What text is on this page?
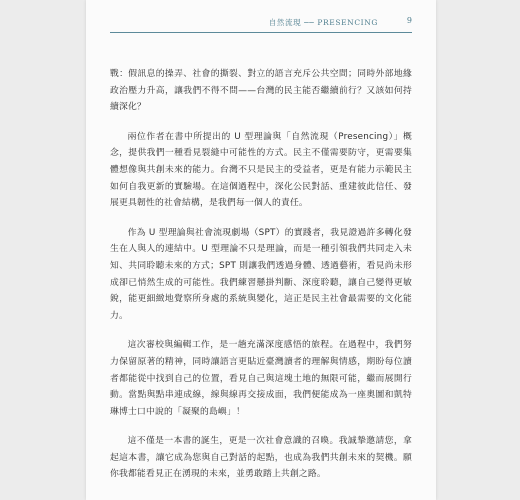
自然流現 ── PRESENCING	9

戰：假訊息的操弄、社會的撕裂、對立的語言充斥公共空間；同時外部地緣政治壓力升高，讓我們不得不問——台灣的民主能否繼續前行？又該如何持續深化？

兩位作者在書中所提出的 U 型理論與「自然流現（Presencing）」概念，提供我們一種看見裂縫中可能性的方式。民主不僅需要防守，更需要集體想像與共創未來的能力。台灣不只是民主的受益者，更是有能力示範民主如何自我更新的實驗場。在這個過程中，深化公民對話、重建彼此信任、發展更具韌性的社會結構，是我們每一個人的責任。

作為 U 型理論與社會流現劇場（SPT）的實踐者，我見證過許多轉化發生在人與人的連結中。U 型理論不只是理論，而是一種引領我們共同走入未知、共同聆聽未來的方式；SPT 則讓我們透過身體、透過藝術，看見尚未形成卻已悄然生成的可能性。我們練習懸掛判斷、深度聆聽，讓自己變得更敏銳，能更細緻地覺察所身處的系統與變化，這正是民主社會最需要的文化能力。

這次審校與編輯工作，是一趟充滿深度感悟的旅程。在過程中，我們努力保留原著的精神，同時讓語言更貼近臺灣讀者的理解與情感，期盼每位讀者都能從中找到自己的位置，看見自己與這塊土地的無限可能，繼而展開行動。當點與點串連成線，線與線再交接成面，我們便能成為一座奧圖和凱特琳博士口中說的「凝聚的島嶼」！

這不僅是一本書的誕生，更是一次社會意識的召喚。我誠摯邀請您，拿起這本書，讓它成為您與自己對話的起點，也成為我們共創未來的契機。願你我都能看見正在湧現的未來，並勇敢踏上共創之路。
